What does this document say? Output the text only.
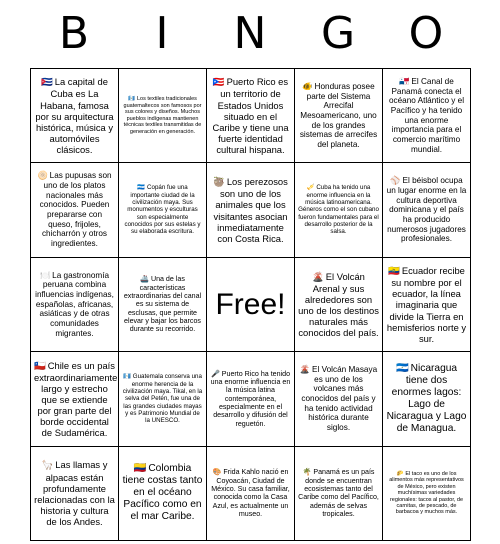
B	I	N	G	O
🇨🇺 La capital de Cuba es La Habana, famosa por su arquitectura histórica, música y automóviles clásicos.	🇬🇹 Los textiles tradicionales guatemaltecos son famosos por sus colores y diseños. Muchos pueblos indígenas mantienen técnicas textiles transmitidas de generación en generación.	🇵🇷 Puerto Rico es un territorio de Estados Unidos situado en el Caribe y tiene una fuerte identidad cultural hispana.	🐠 Honduras posee parte del Sistema Arrecifal Mesoamericano, uno de los grandes sistemas de arrecifes del planeta.	🇵🇦 El Canal de Panamá conecta el océano Atlántico y el Pacífico y ha tenido una enorme importancia para el comercio marítimo mundial.
🫓 Las pupusas son uno de los platos nacionales más conocidos. Pueden prepararse con queso, frijoles, chicharrón y otros ingredientes.	🇭🇳 Copán fue una importante ciudad de la civilización maya. Sus monumentos y esculturas son especialmente conocidos por sus estelas y su elaborada escritura.	🦥 Los perezosos son uno de los animales que los visitantes asocian inmediatamente con Costa Rica.	🎺 Cuba ha tenido una enorme influencia en la música latinoamericana. Géneros como el son cubano fueron fundamentales para el desarrollo posterior de la salsa.	⚾ El béisbol ocupa un lugar enorme en la cultura deportiva dominicana y el país ha producido numerosos jugadores profesionales.
🍽️ La gastronomía peruana combina influencias indígenas, españolas, africanas, asiáticas y de otras comunidades migrantes.	🚢 Una de las características extraordinarias del canal es su sistema de esclusas, que permite elevar y bajar los barcos durante su recorrido.	Free!	🌋 El Volcán Arenal y sus alrededores son uno de los destinos naturales más conocidos del país.	🇪🇨 Ecuador recibe su nombre por el ecuador, la línea imaginaria que divide la Tierra en hemisferios norte y sur.
🇨🇱 Chile es un país extraordinariamente largo y estrecho que se extiende por gran parte del borde occidental de Sudamérica.	🇬🇹 Guatemala conserva una enorme herencia de la civilización maya. Tikal, en la selva del Petén, fue una de las grandes ciudades mayas y es Patrimonio Mundial de la UNESCO.	🎤 Puerto Rico ha tenido una enorme influencia en la música latina contemporánea, especialmente en el desarrollo y difusión del reguetón.	🌋 El Volcán Masaya es uno de los volcanes más conocidos del país y ha tenido actividad histórica durante siglos.	🇳🇮 Nicaragua tiene dos enormes lagos: Lago de Nicaragua y Lago de Managua.
🦙 Las llamas y alpacas están profundamente relacionadas con la historia y cultura de los Andes.	🇨🇴 Colombia tiene costas tanto en el océano Pacífico como en el mar Caribe.	🎨 Frida Kahlo nació en Coyoacán, Ciudad de México. Su casa familiar, conocida como la Casa Azul, es actualmente un museo.	🌴 Panamá es un país donde se encuentran ecosistemas tanto del Caribe como del Pacífico, además de selvas tropicales.	🌮 El taco es uno de los alimentos más representativos de México, pero existen muchísimas variedades regionales: tacos al pastor, de carnitas, de pescado, de barbacoa y muchos más.
